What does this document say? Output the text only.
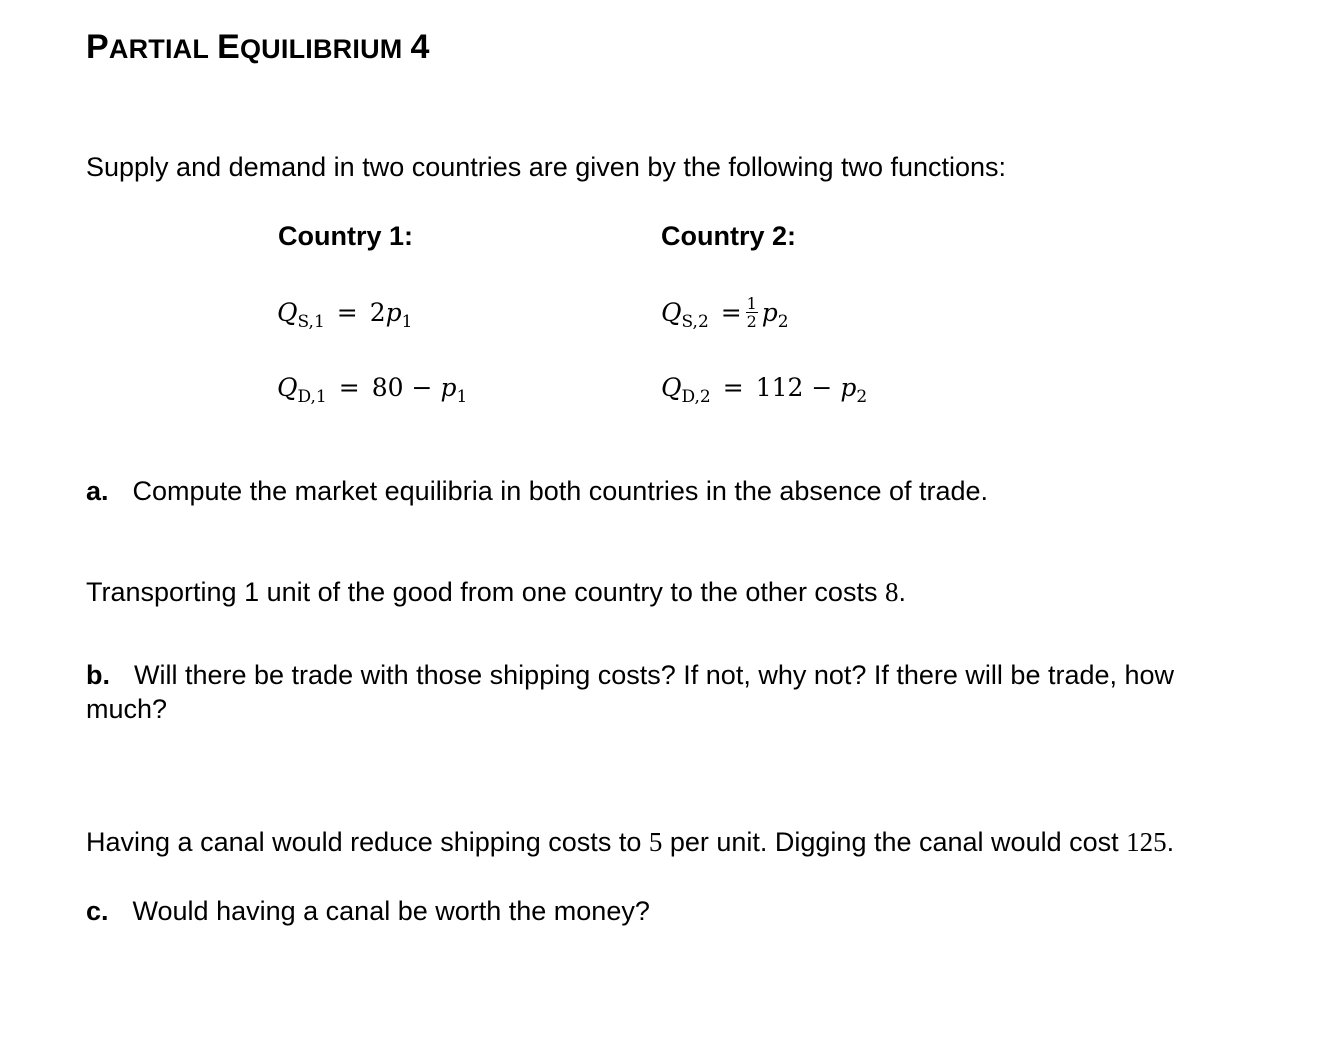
PARTIAL EQUILIBRIUM 4
Supply and demand in two countries are given by the following two functions:
Country 1:	Country 2:
$Q_{S,1} = 2p_1$	$Q_{S,2} = \frac{1}{2} p_2$
$Q_{D,1} = 80 - p_1$	$Q_{D,2} = 112 - p_2$
a. Compute the market equilibria in both countries in the absence of trade.
Transporting 1 unit of the good from one country to the other costs 8.
b. Will there be trade with those shipping costs? If not, why not? If there will be trade, how
much?
Having a canal would reduce shipping costs to 5 per unit. Digging the canal would cost 125.
c. Would having a canal be worth the money?
